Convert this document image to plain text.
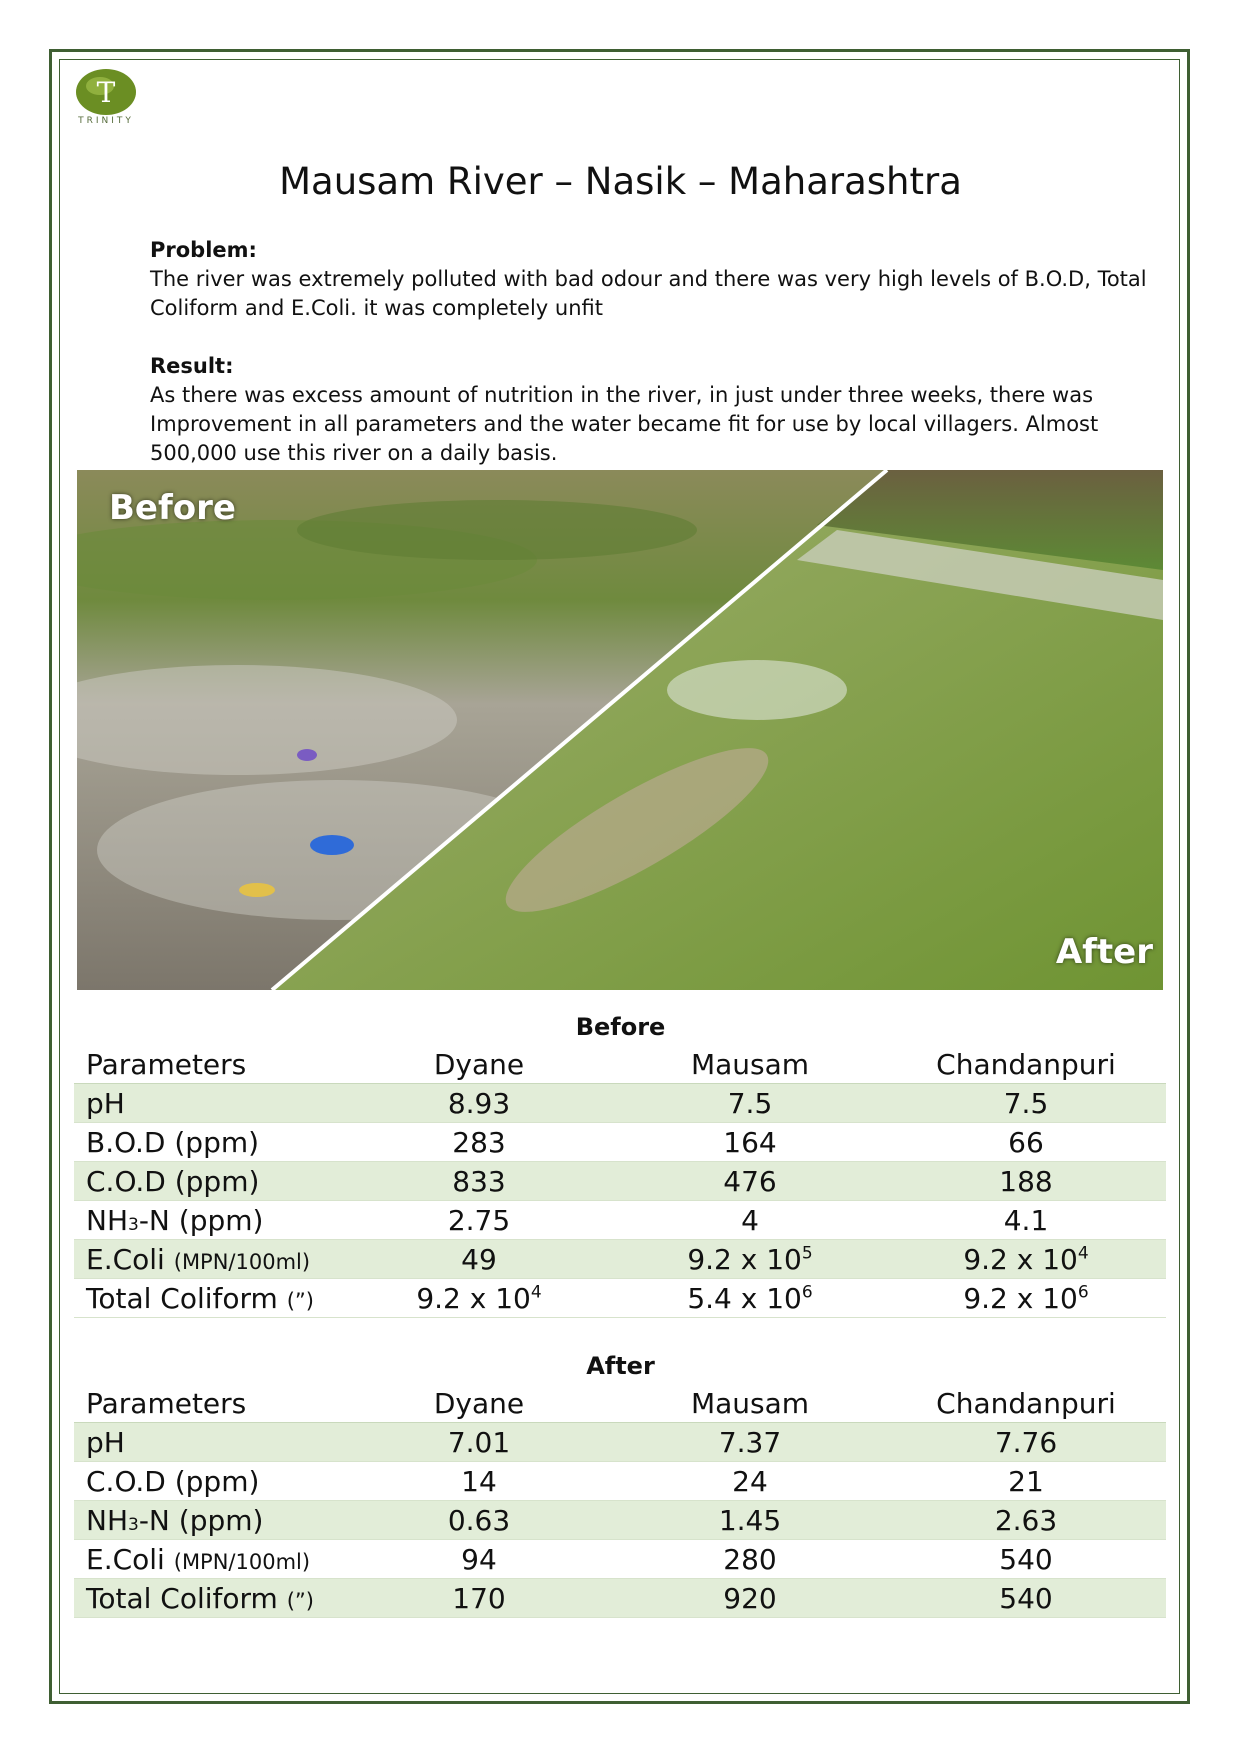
T
TRINITY
Mausam River – Nasik – Maharashtra
Problem:
The river was extremely polluted with bad odour and there was very high levels of B.O.D, Total Coliform and E.Coli. it was completely unfit
Result:
As there was excess amount of nutrition in the river, in just under three weeks, there was Improvement in all parameters and the water became fit for use by local villagers. Almost 500,000 use this river on a daily basis.
Before
After
Before
Parameters	Dyane	Mausam	Chandanpuri
pH	8.93	7.5	7.5
B.O.D (ppm)	283	164	66
C.O.D (ppm)	833	476	188
NH3-N (ppm)	2.75	4	4.1
E.Coli (MPN/100ml)	49	9.2 x $10^5$	9.2 x $10^4$
Total Coliform (”)	9.2 x $10^4$	5.4 x $10^6$	9.2 x $10^6$
After
Parameters	Dyane	Mausam	Chandanpuri
pH	7.01	7.37	7.76
C.O.D (ppm)	14	24	21
NH3-N (ppm)	0.63	1.45	2.63
E.Coli (MPN/100ml)	94	280	540
Total Coliform (”)	170	920	540
